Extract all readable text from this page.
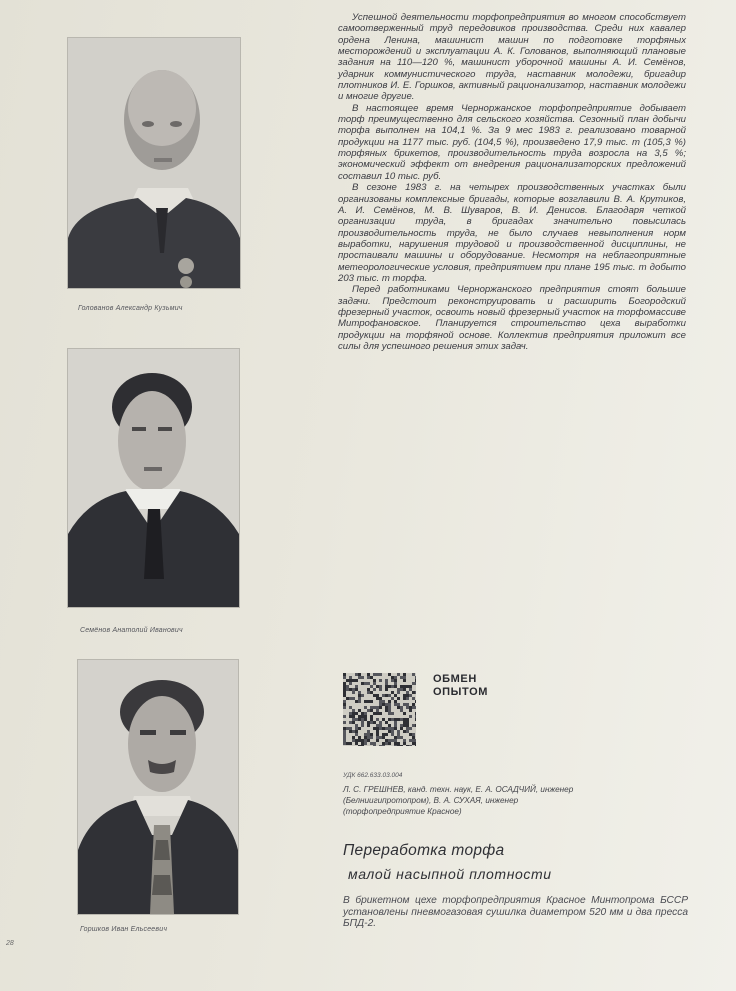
Голованов Александр Кузьмич
Семёнов Анатолий Иванович
Горшков Иван Ельсеевич
28

Успешной деятельности торфопредприятия во многом способствует самоотверженный труд передовиков производства. Среди них кавалер ордена Ленина, машинист машин по подготовке торфяных месторождений и эксплуатации А. К. Голованов, выполняющий плановые задания на 110—120 %, машинист уборочной машины А. И. Семёнов, ударник коммунистического труда, наставник молодежи, бригадир плотников И. Е. Горшков, активный рационализатор, наставник молодежи и многие другие.

В настоящее время Черноржанское торфопредприятие добывает торф преимущественно для сельского хозяйства. Сезонный план добычи торфа выполнен на 104,1 %. За 9 мес 1983 г. реализовано товарной продукции на 1177 тыс. руб. (104,5 %), произведено 17,9 тыс. т (105,3 %) торфяных брикетов, производительность труда возросла на 3,5 %; экономический эффект от внедрения рационализаторских предложений составил 10 тыс. руб.

В сезоне 1983 г. на четырех производственных участках были организованы комплексные бригады, которые возглавили В. А. Крутиков, А. И. Семёнов, М. В. Шуваров, В. И. Денисов. Благодаря четкой организации труда, в бригадах значительно повысилась производительность труда, не было случаев невыполнения норм выработки, нарушения трудовой и производственной дисциплины, не простаивали машины и оборудование. Несмотря на неблагоприятные метеорологические условия, предприятием при плане 195 тыс. т добыто 203 тыс. т торфа.

Перед работниками Черноржанского предприятия стоят большие задачи. Предстоит реконструировать и расширить Богородский фрезерный участок, освоить новый фрезерный участок на торфомассиве Митрофановское. Планируется строительство цеха выработки продукции на торфяной основе. Коллектив предприятия приложит все силы для успешного решения этих задач.

ОБМЕН
ОПЫТОМ
УДК 662.633.03.004
Л. С. ГРЕШНЕВ, канд. техн. наук, Е. А. ОСАДЧИЙ, инженер
(Белниигипротопром), В. А. СУХАЯ, инженер
(торфопредприятие Красное)
Переработка торфа
малой насыпной плотности
В брикетном цехе торфопредприятия Красное Минтопрома БССР установлены пневмогазовая сушилка диаметром 520 мм и два пресса БПД-2.
